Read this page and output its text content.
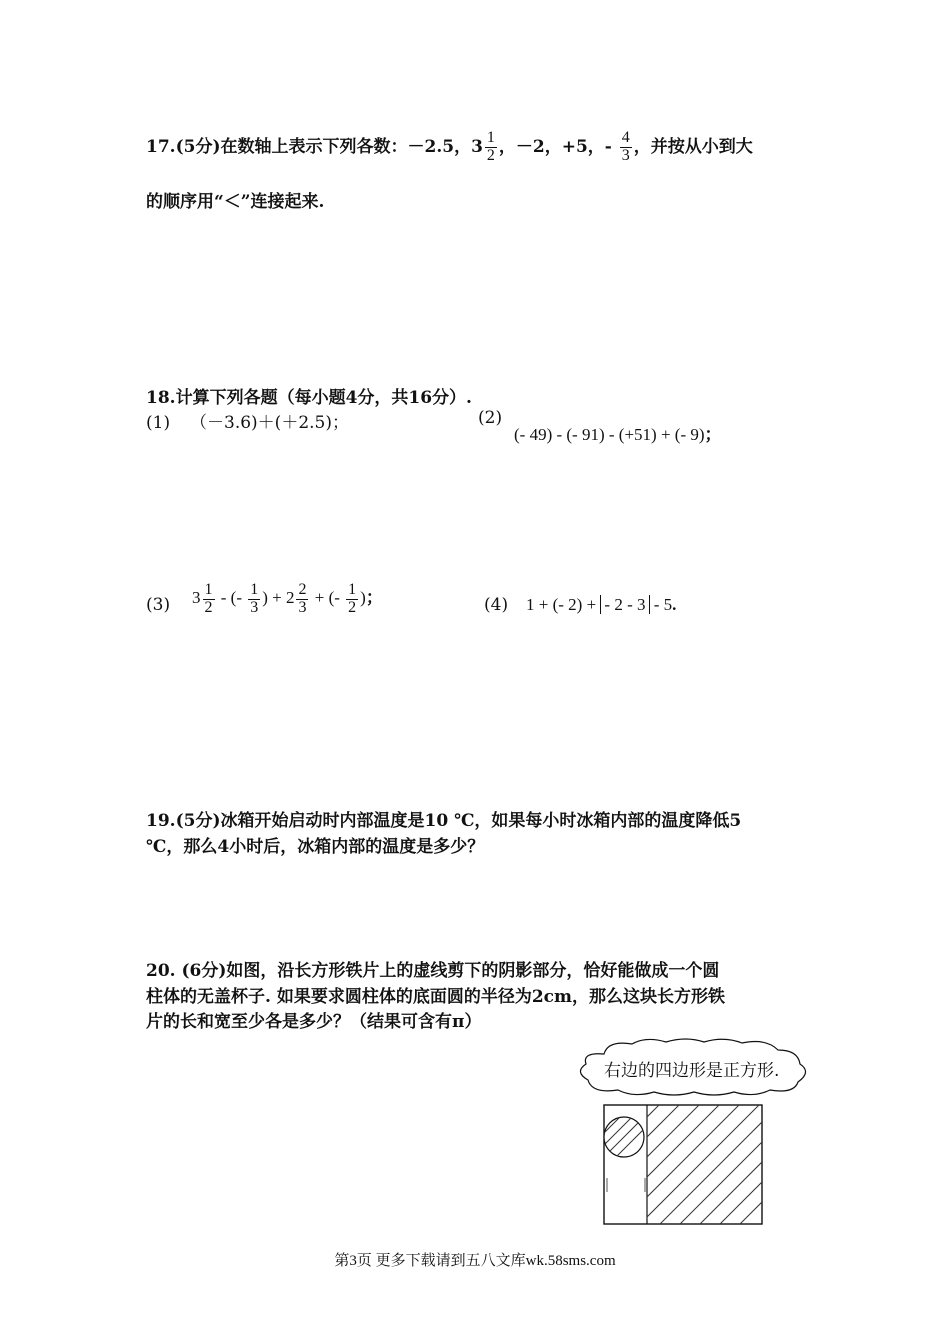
17.(5分)在数轴上表示下列各数：－2.5，$3 \frac{1}{2}$ ，－2，+5，- $\frac{4}{3}$ ，并按从小到大
的顺序用“＜”连接起来.
18.计算下列各题（每小题4分，共16分）.
(1) （－3.6)＋(＋2.5)；	(2)
(- 49) - (- 91) - (+51) + (- 9)；
(3) $3 \frac{1}{2}$ - (- $\frac{1}{3}$ ) + $2 \frac{2}{3}$ + (- $\frac{1}{2}$ )；	(4) 1 + (- 2) + - 2 - 3 - 5.
19.(5分)冰箱开始启动时内部温度是10 ℃，如果每小时冰箱内部的温度降低5
℃，那么4小时后，冰箱内部的温度是多少？
20. (6分)如图，沿长方形铁片上的虚线剪下的阴影部分，恰好能做成一个圆
柱体的无盖杯子. 如果要求圆柱体的底面圆的半径为2cm，那么这块长方形铁
片的长和宽至少各是多少？（结果可含有π）
右边的四边形是正方形.
第3页 更多下载请到五八文库wk.58sms.com
